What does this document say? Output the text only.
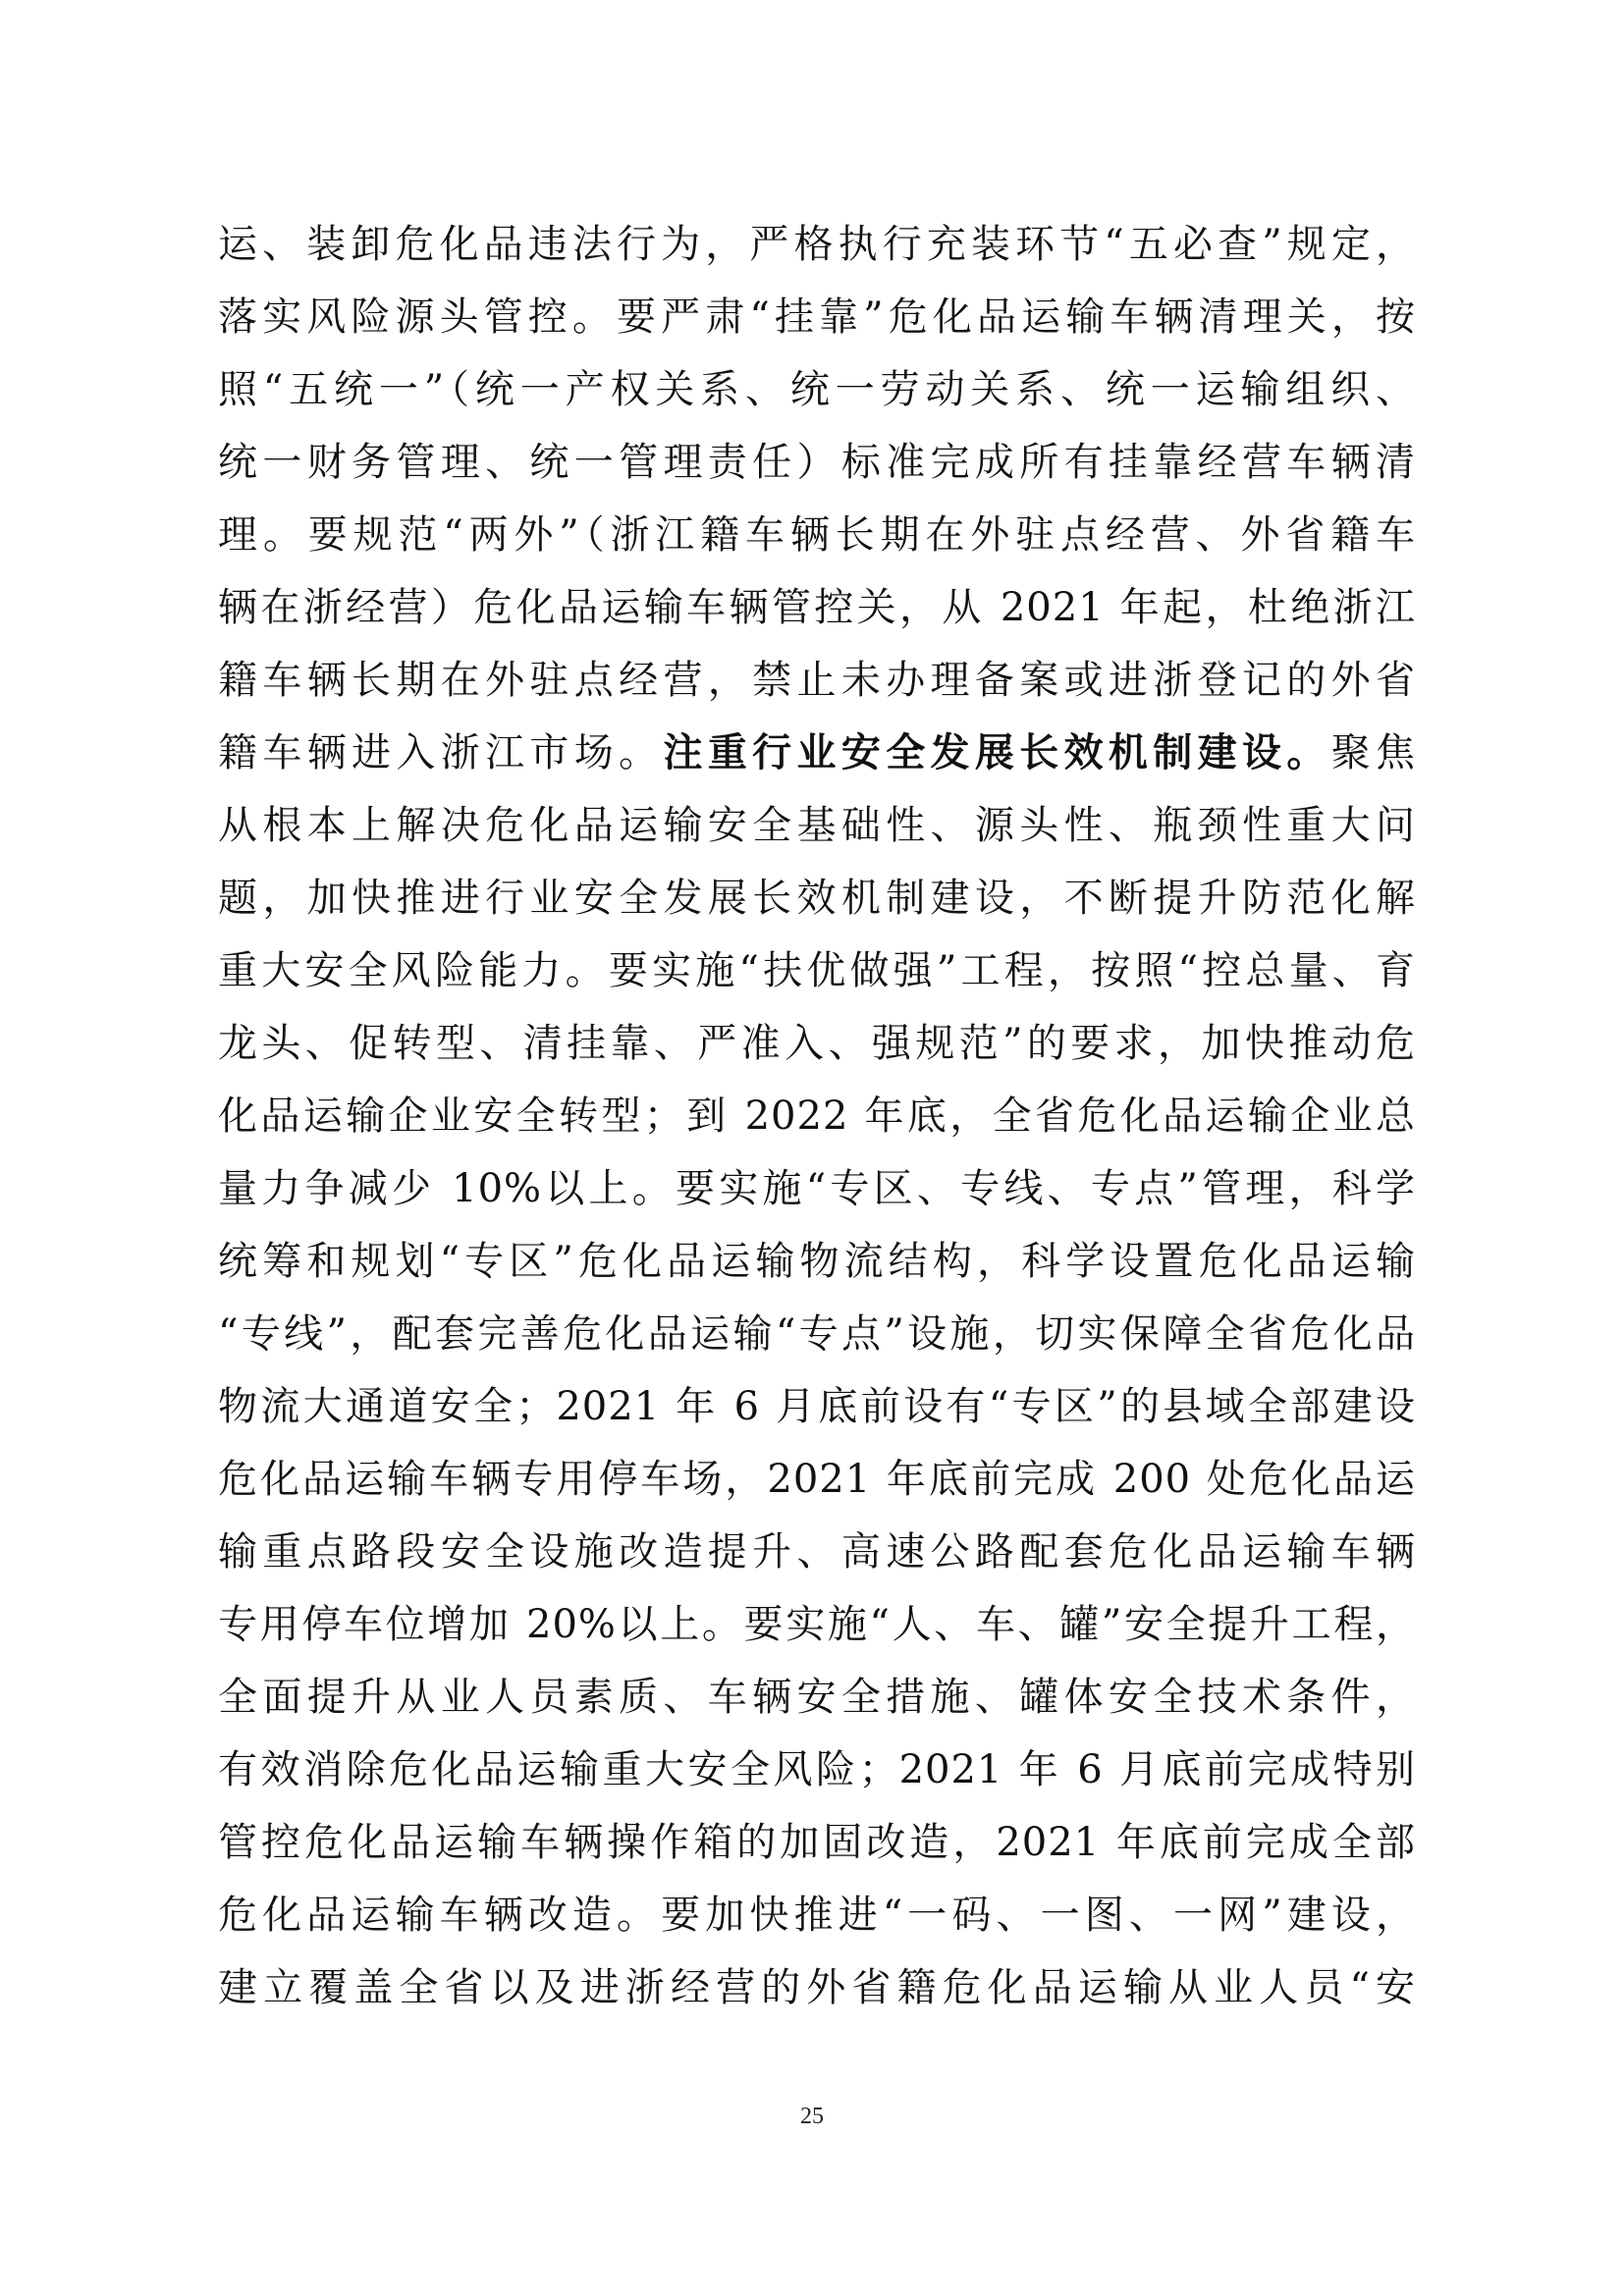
运、装卸危化品违法行为，严格执行充装环节“五必查”规定，
落实风险源头管控。要严肃“挂靠”危化品运输车辆清理关，按
照“五统一”（统一产权关系、统一劳动关系、统一运输组织、
统一财务管理、统一管理责任）标准完成所有挂靠经营车辆清
理。要规范“两外”（浙江籍车辆长期在外驻点经营、外省籍车
辆在浙经营）危化品运输车辆管控关，从 2021 年起，杜绝浙江
籍车辆长期在外驻点经营，禁止未办理备案或进浙登记的外省
籍车辆进入浙江市场。注重行业安全发展长效机制建设。聚焦
从根本上解决危化品运输安全基础性、源头性、瓶颈性重大问
题，加快推进行业安全发展长效机制建设，不断提升防范化解
重大安全风险能力。要实施“扶优做强”工程，按照“控总量、育
龙头、促转型、清挂靠、严准入、强规范”的要求，加快推动危
化品运输企业安全转型；到 2022 年底，全省危化品运输企业总
量力争减少 10%以上。要实施“专区、专线、专点”管理，科学
统筹和规划“专区”危化品运输物流结构，科学设置危化品运输
“专线”，配套完善危化品运输“专点”设施，切实保障全省危化品
物流大通道安全；2021 年 6 月底前设有“专区”的县域全部建设
危化品运输车辆专用停车场，2021 年底前完成 200 处危化品运
输重点路段安全设施改造提升、高速公路配套危化品运输车辆
专用停车位增加 20%以上。要实施“人、车、罐”安全提升工程，
全面提升从业人员素质、车辆安全措施、罐体安全技术条件，
有效消除危化品运输重大安全风险；2021 年 6 月底前完成特别
管控危化品运输车辆操作箱的加固改造，2021 年底前完成全部
危化品运输车辆改造。要加快推进“一码、一图、一网”建设，
建立覆盖全省以及进浙经营的外省籍危化品运输从业人员“安
25
